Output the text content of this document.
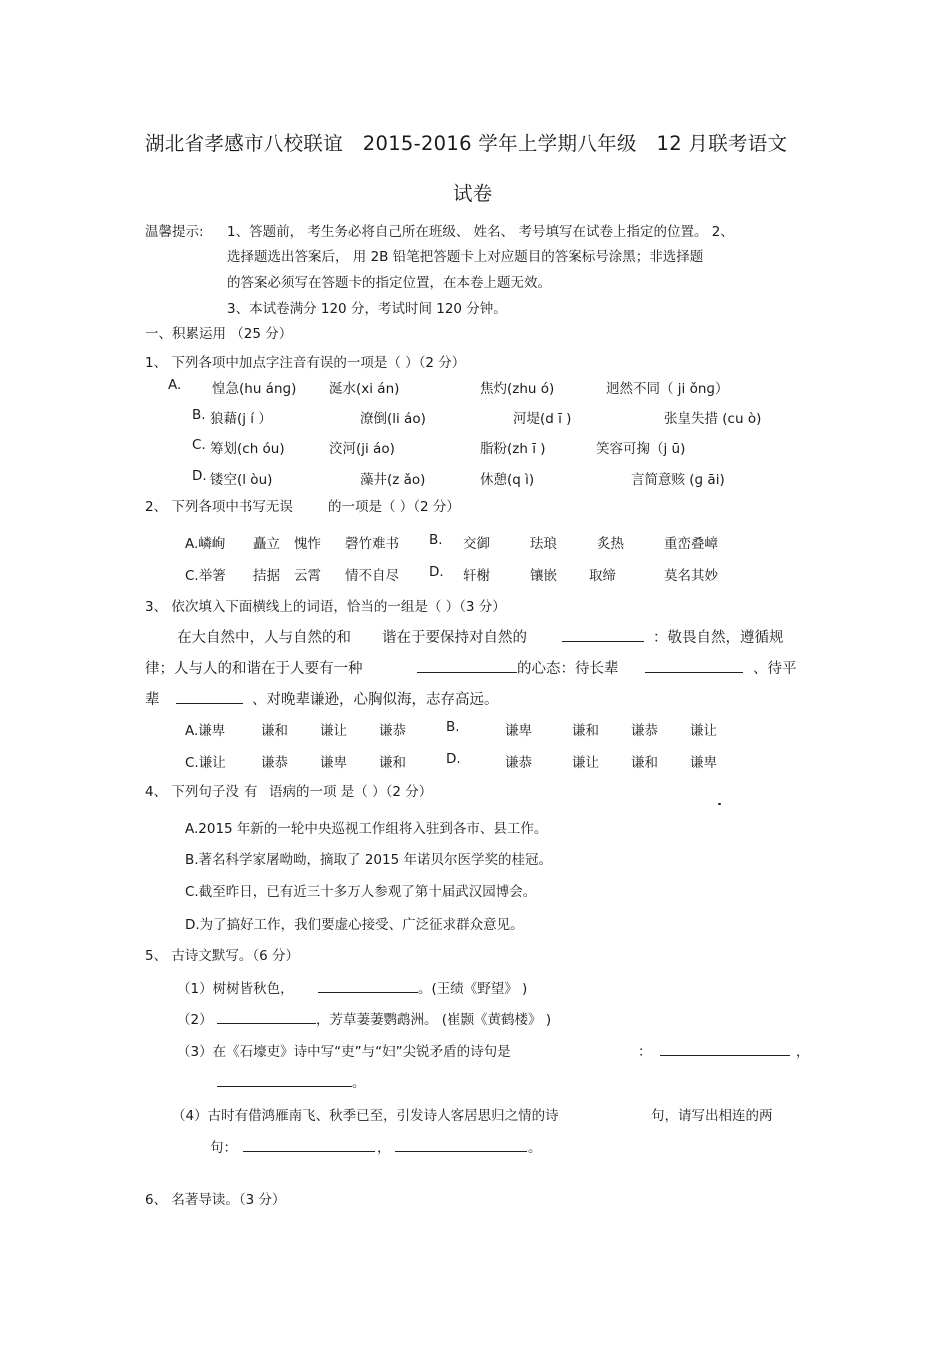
湖北省孝感市八校联谊　2015-2016 学年上学期八年级　12 月联考语文
试卷
温馨提示: 1、答题前， 考生务必将自己所在班级、 姓名、 考号填写在试卷上指定的位置。 2、
选择题选出答案后， 用 2B 铅笔把答题卡上对应题目的答案标号涂黑；非选择题
的答案必须写在答题卡的指定位置，在本卷上题无效。
3、本试卷满分 120 分，考试时间 120 分钟。
一、积累运用 （25 分）
1、 下列各项中加点字注音有误的一项是（ ）（2 分）
A. 惶急(hu ánɡ) 涎水(xi án)	焦灼(zhu ó)	迥然不同（ ji ǒnɡ）
B. 狼藉(j í ）	潦倒(li áo)	河堤(d ī )	张皇失措 (cu ò)
C. 筹划(ch óu)	洨河(ji áo)	脂粉(zh ī )	笑容可掬（j ū)
D. 镂空(l òu)	藻井(z ǎo)	休憩(q ì)	言简意赅 (ɡ āi)
2、 下列各项中书写无误	的一项是（ ）（2 分）
A.嶙峋 矗立 愧怍 磬竹难书 B. 交御	珐琅	炙热	重峦叠嶂
C.举箸 拮据 云霄 情不自尽 D. 轩榭	镶嵌 取缔	莫名其妙
3、 依次填入下面横线上的词语，恰当的一组是（ ）（3 分）
在大自然中，人与自然的和 谐在于要保持对自然的	：敬畏自然，遵循规
律；人与人的和谐在于人要有一种	的心态：待长辈	、待平
辈	、对晚辈谦逊，心胸似海，志存高远。
A.谦卑	谦和 谦让 谦恭	B.	谦卑	谦和 谦恭 谦让
C.谦让	谦恭 谦卑 谦和	D.	谦恭	谦让 谦和 谦卑
4、 下列句子没 有 语病的一项 是（ ）（2 分）
A.2015 年新的一轮中央巡视工作组将入驻到各市、县工作。
B.著名科学家屠呦呦，摘取了 2015 年诺贝尔医学奖的桂冠。
C.截至昨日，已有近三十多万人参观了第十届武汉园博会。
D.为了搞好工作，我们要虚心接受、广泛征求群众意见。
5、 古诗文默写。（6 分）
（1）树树皆秋色，	。(王绩《野望》 )
（2）	，芳草萋萋鹦鹉洲。 (崔颢《黄鹤楼》 )
（3）在《石壕吏》诗中写“吏”与“妇”尖锐矛盾的诗句是	：	，
。
（4）古时有借鸿雁南飞、秋季已至，引发诗人客居思归之情的诗	句，请写出相连的两
句：	，	。
6、 名著导读。（3 分）
